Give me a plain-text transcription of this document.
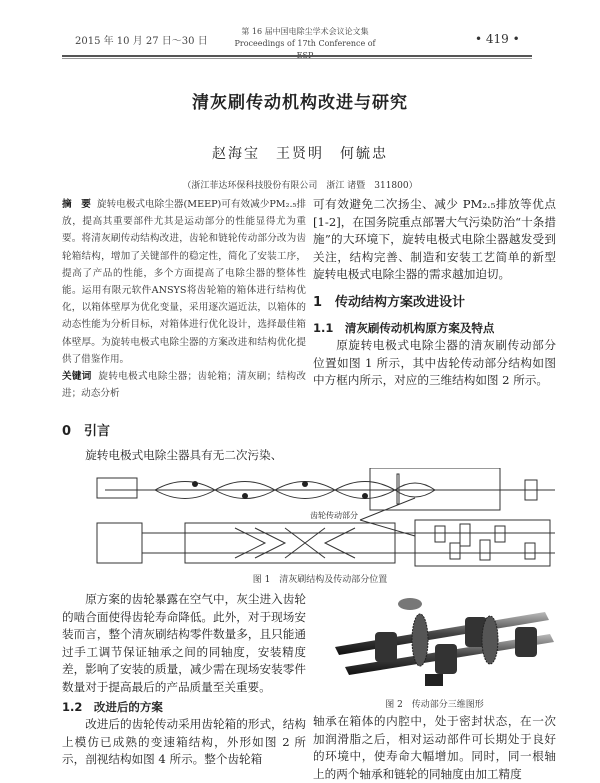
2015 年 10 月 27 日～30 日
第 16 届中国电除尘学术会议论文集
Proceedings of 17th Conference of	• 419 •
清灰刷传动机构改进与研究
赵海宝　王贤明　何毓忠
（浙江菲达环保科技股份有限公司　浙江 诸暨　311800）

摘　要 旋转电极式电除尘器(MEEP)可有效减少PM₂.₅排放，提高其重要部件尤其是运动部分的性能显得尤为重要。将清灰刷传动结构改进，齿轮和链轮传动部分改为齿轮箱结构，增加了关键部件的稳定性，简化了安装工序，提高了产品的性能，多个方面提高了电除尘器的整体性能。运用有限元软件ANSYS将齿轮箱的箱体进行结构优化，以箱体壁厚为优化变量，采用逐次逼近法，以箱体的动态性能为分析目标，对箱体进行优化设计，选择最佳箱体壁厚。为旋转电极式电除尘器的方案改进和结构优化提供了借鉴作用。

关键词 旋转电极式电除尘器；齿轮箱；清灰刷；结构改进；动态分析

0　引言

旋转电极式电除尘器具有无二次污染、

可有效避免二次扬尘、减少 PM₂.₅排放等优点[1-2]，在国务院重点部署大气污染防治“十条措施”的大环境下，旋转电极式电除尘器越发受到关注，结构完善、制造和安装工艺简单的新型旋转电极式电除尘器的需求越加迫切。

1　传动结构方案改进设计
1.1　清灰刷传动机构原方案及特点

原旋转电极式电除尘器的清灰刷传动部分位置如图 1 所示，其中齿轮传动部分结构如图中方框内所示，对应的三维结构如图 2 所示。

齿轮传动部分
图 1　清灰刷结构及传动部分位置

原方案的齿轮暴露在空气中，灰尘进入齿轮的啮合面使得齿轮寿命降低。此外，对于现场安装而言，整个清灰刷结构零件数量多，且只能通过手工调节保证轴承之间的同轴度，安装精度差，影响了安装的质量，减少需在现场安装零件数量对于提高最后的产品质量至关重要。

1.2　改进后的方案

改进后的齿轮传动采用齿轮箱的形式，结构上模仿已成熟的变速箱结构，外形如图 2 所示，剖视结构如图 4 所示。整个齿轮箱

图 2　传动部分三维图形

轴承在箱体的内腔中，处于密封状态，在一次加润滑脂之后，相对运动部件可长期处于良好的环境中，使寿命大幅增加。同时，同一根轴上的两个轴承和链轮的同轴度由加工精度
